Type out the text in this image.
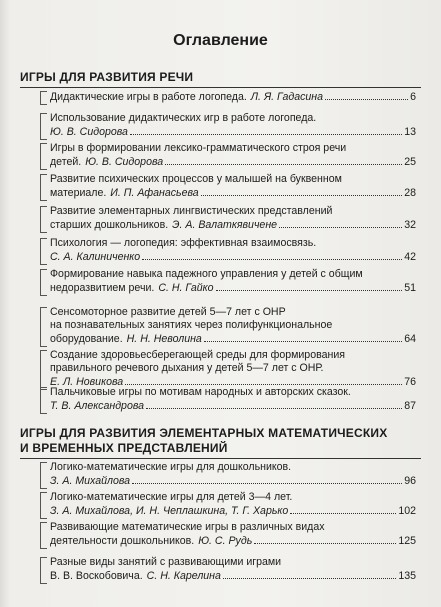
Оглавление
ИГРЫ ДЛЯ РАЗВИТИЯ РЕЧИ
Дидактические игры в работе логопеда. Л. Я. Гадасина	6
Использование дидактических игр в работе логопеда.
Ю. В. Сидорова	13
Игры в формировании лексико-грамматического строя речи
детей. Ю. В. Сидорова	25
Развитие психических процессов у малышей на буквенном
материале. И. П. Афанасьева	28
Развитие элементарных лингвистических представлений
старших дошкольников. Э. А. Валаткявичене	32
Психология — логопедия: эффективная взаимосвязь.
С. А. Калиниченко	42
Формирование навыка падежного управления у детей с общим
недоразвитием речи. С. Н. Гайко	51
Сенсомоторное развитие детей 5—7 лет с ОНР
на познавательных занятиях через полифункциональное
оборудование. Н. Н. Неволина	64
Создание здоровьесберегающей среды для формирования
правильного речевого дыхания у детей 5—7 лет с ОНР.
Е. Л. Новикова	76
Пальчиковые игры по мотивам народных и авторских сказок.
Т. В. Александрова	87
ИГРЫ ДЛЯ РАЗВИТИЯ ЭЛЕМЕНТАРНЫХ МАТЕМАТИЧЕСКИХ
И ВРЕМЕННЫХ ПРЕДСТАВЛЕНИЙ
Логико-математические игры для дошкольников.
З. А. Михайлова	96
Логико-математические игры для детей 3—4 лет.
З. А. Михайлова, И. Н. Чеплашкина, Т. Г. Харько	102
Развивающие математические игры в различных видах
деятельности дошкольников. Ю. С. Рудь	125
Разные виды занятий с развивающими играми
В. В. Воскобовича. С. Н. Карелина	135
